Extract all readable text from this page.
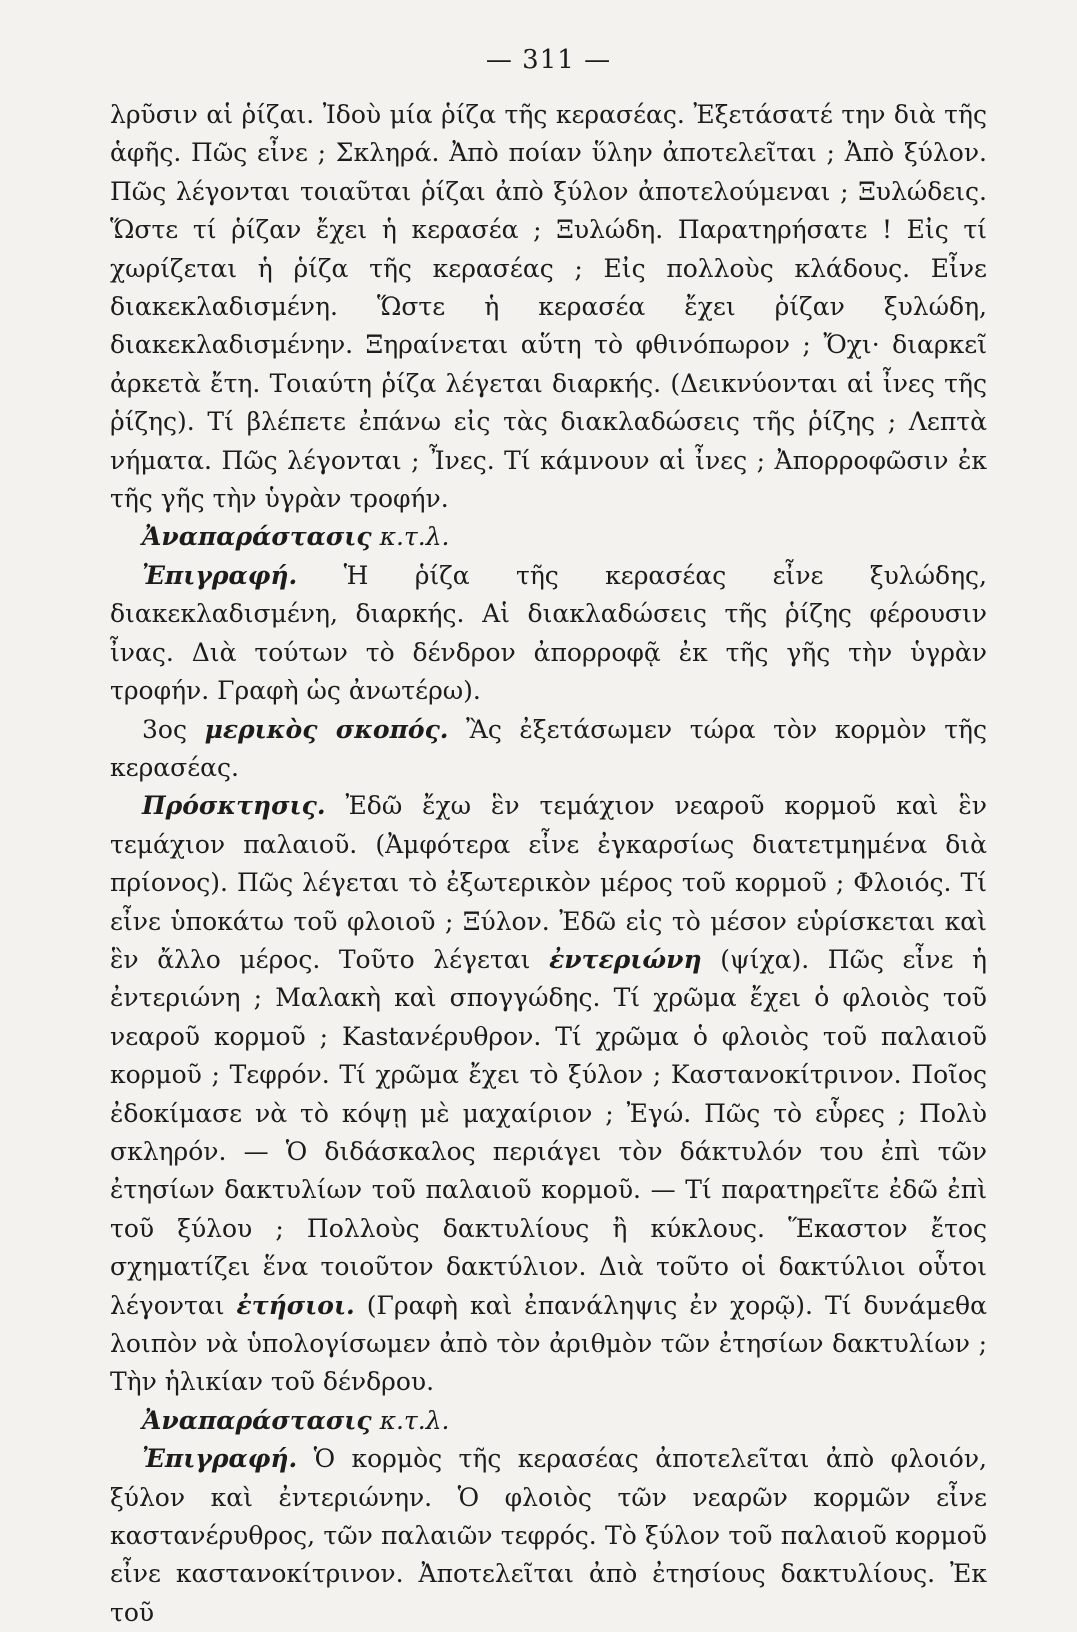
— 311 —

λρῦσιν αἱ ῥίζαι. Ἰδοὺ μία ῥίζα τῆς κερασέας. Ἐξετάσατέ την διὰ τῆς ἁφῆς. Πῶς εἶνε ; Σκληρά. Ἀπὸ ποίαν ὕλην ἀποτελεῖται ; Ἀπὸ ξύλον. Πῶς λέγονται τοιαῦται ῥίζαι ἀπὸ ξύλον ἀποτελούμεναι ; Ξυλώδεις. Ὥστε τί ῥίζαν ἔχει ἡ κερασέα ; Ξυλώδη. Παρατηρήσατε ! Εἰς τί χωρίζεται ἡ ῥίζα τῆς κερασέας ; Εἰς πολλοὺς κλάδους. Εἶνε διακεκλαδισμένη. Ὥστε ἡ κερασέα ἔχει ῥίζαν ξυλώδη, διακεκλαδισμένην. Ξηραίνεται αὕτη τὸ φθινόπωρον ; Ὄχι· διαρκεῖ ἀρκετὰ ἔτη. Τοιαύτη ῥίζα λέγεται διαρκής. (Δεικνύονται αἱ ἶνες τῆς ῥίζης). Τί βλέπετε ἐπάνω εἰς τὰς διακλαδώσεις τῆς ῥίζης ; Λεπτὰ νήματα. Πῶς λέγονται ; Ἶνες. Τί κάμνουν αἱ ἶνες ; Ἀπορροφῶσιν ἐκ τῆς γῆς τὴν ὑγρὰν τροφήν.

Ἀναπαράστασις κ.τ.λ.

Ἐπιγραφή. Ἡ ῥίζα τῆς κερασέας εἶνε ξυλώδης, διακεκλαδισμένη, διαρκής. Αἱ διακλαδώσεις τῆς ῥίζης φέρουσιν ἶνας. Διὰ τούτων τὸ δένδρον ἀπορροφᾷ ἐκ τῆς γῆς τὴν ὑγρὰν τροφήν. Γραφὴ ὡς ἀνωτέρω).

3ος μερικὸς σκοπός. Ἂς ἐξετάσωμεν τώρα τὸν κορμὸν τῆς κερασέας.

Πρόσκτησις. Ἐδῶ ἔχω ἓν τεμάχιον νεαροῦ κορμοῦ καὶ ἓν τεμάχιον παλαιοῦ. (Ἀμφότερα εἶνε ἐγκαρσίως διατετμημένα διὰ πρίονος). Πῶς λέγεται τὸ ἐξωτερικὸν μέρος τοῦ κορμοῦ ; Φλοιός. Τί εἶνε ὑποκάτω τοῦ φλοιοῦ ; Ξύλον. Ἐδῶ εἰς τὸ μέσον εὑρίσκεται καὶ ἓν ἄλλο μέρος. Τοῦτο λέγεται ἐντεριώνη (ψίχα). Πῶς εἶνε ἡ ἐντεριώνη ; Μαλακὴ καὶ σπογγώδης. Τί χρῶμα ἔχει ὁ φλοιὸς τοῦ νεαροῦ κορμοῦ ; Κastανέρυθρον. Τί χρῶμα ὁ φλοιὸς τοῦ παλαιοῦ κορμοῦ ; Τεφρόν. Τί χρῶμα ἔχει τὸ ξύλον ; Καστανοκίτρινον. Ποῖος ἐδοκίμασε νὰ τὸ κόψῃ μὲ μαχαίριον ; Ἐγώ. Πῶς τὸ εὗρες ; Πολὺ σκληρόν. — Ὁ διδάσκαλος περιάγει τὸν δάκτυλόν του ἐπὶ τῶν ἐτησίων δακτυλίων τοῦ παλαιοῦ κορμοῦ. — Τί παρατηρεῖτε ἐδῶ ἐπὶ τοῦ ξύλου ; Πολλοὺς δακτυλίους ἢ κύκλους. Ἕκαστον ἔτος σχηματίζει ἕνα τοιοῦτον δακτύλιον. Διὰ τοῦτο οἱ δακτύλιοι οὗτοι λέγονται ἐτήσιοι. (Γραφὴ καὶ ἐπανάληψις ἐν χορῷ). Τί δυνάμεθα λοιπὸν νὰ ὑπολογίσωμεν ἀπὸ τὸν ἀριθμὸν τῶν ἐτησίων δακτυλίων ; Τὴν ἡλικίαν τοῦ δένδρου.

Ἀναπαράστασις κ.τ.λ.

Ἐπιγραφή. Ὁ κορμὸς τῆς κερασέας ἀποτελεῖται ἀπὸ φλοιόν, ξύλον καὶ ἐντεριώνην. Ὁ φλοιὸς τῶν νεαρῶν κορμῶν εἶνε καστανέρυθρος, τῶν παλαιῶν τεφρός. Τὸ ξύλον τοῦ παλαιοῦ κορμοῦ εἶνε καστανοκίτρινον. Ἀποτελεῖται ἀπὸ ἐτησίους δακτυλίους. Ἐκ τοῦ
